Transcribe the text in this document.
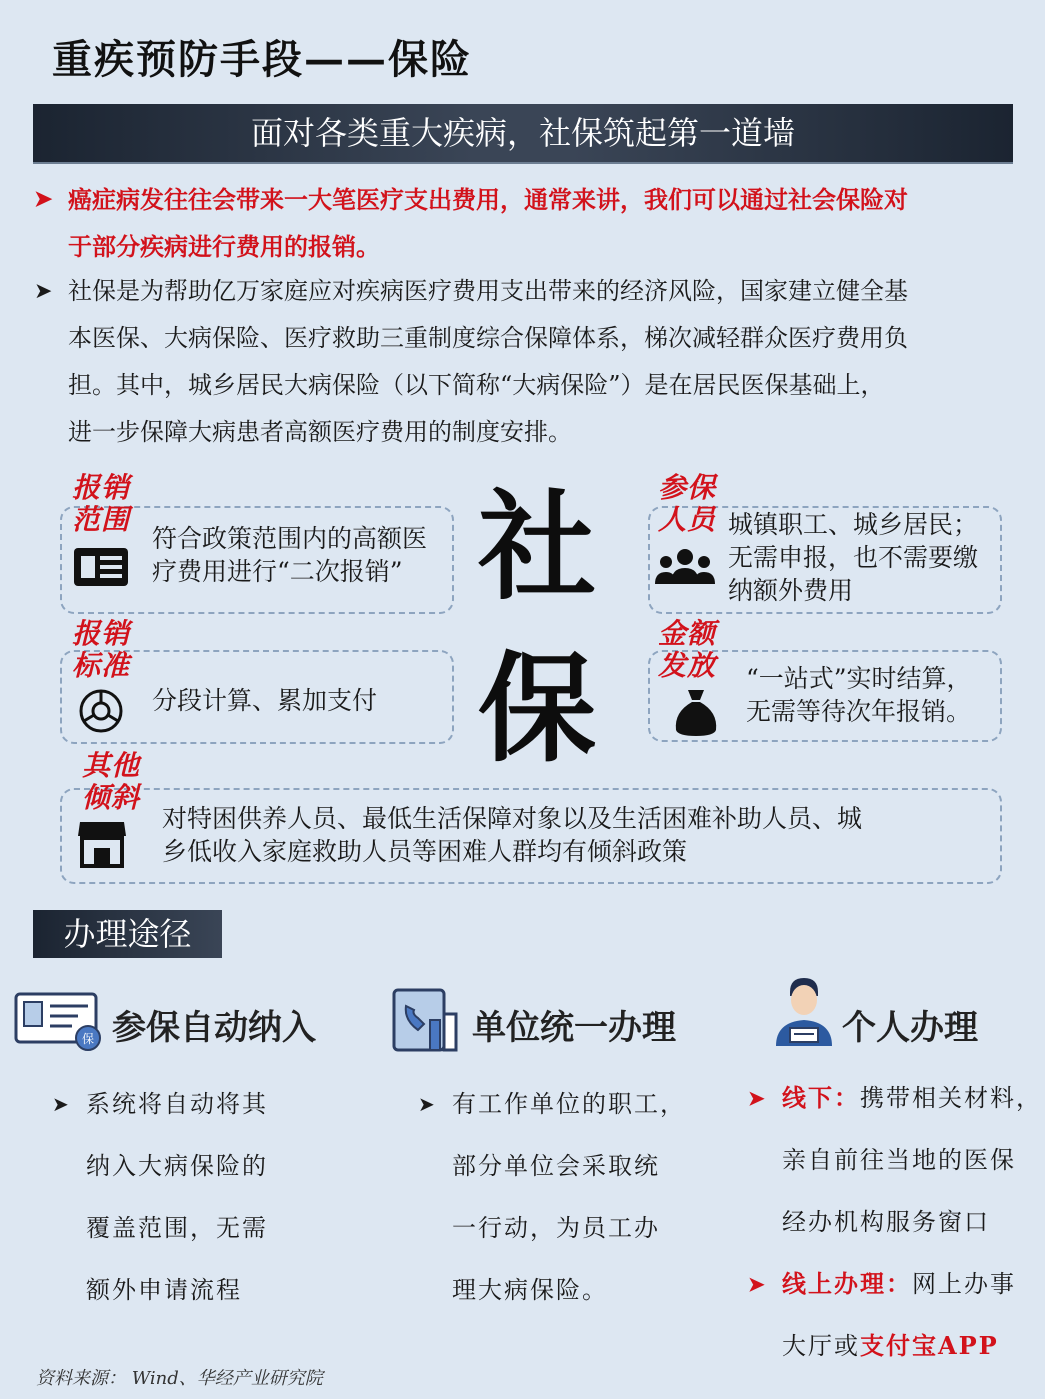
重疾预防手段——保险
面对各类重大疾病，社保筑起第一道墙
➤ 癌症病发往往会带来一大笔医疗支出费用，通常来讲，我们可以通过社会保险对
于部分疾病进行费用的报销。
➤ 社保是为帮助亿万家庭应对疾病医疗费用支出带来的经济风险，国家建立健全基
本医保、大病保险、医疗救助三重制度综合保障体系，梯次减轻群众医疗费用负
担。其中，城乡居民大病保险（以下简称“大病保险”）是在居民医保基础上，
进一步保障大病患者高额医疗费用的制度安排。
报销
范围
符合政策范围内的高额医
疗费用进行“二次报销” 社
保
参保
人员 城镇职工、城乡居民；
无需申报，也不需要缴
纳额外费用
报销
标准
分段计算、累加支付
金额
发放 “一站式”实时结算，
无需等待次年报销。
其他
倾斜
对特困供养人员、最低生活保障对象以及生活困难补助人员、城
乡低收入家庭救助人员等困难人群均有倾斜政策
办理途径
保 参保自动纳入
➤ 系统将自动将其
纳入大病保险的
覆盖范围，无需
额外申请流程
单位统一办理
➤ 有工作单位的职工，
部分单位会采取统
一行动，为员工办
理大病保险。
个人办理
➤ 线下：携带相关材料，
亲自前往当地的医保
经办机构服务窗口
➤ 线上办理：网上办事
大厅或支付宝APP
资料来源： Wind、华经产业研究院
